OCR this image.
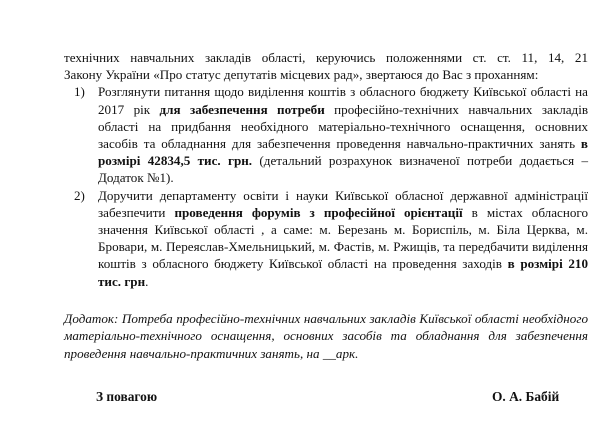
технічних навчальних закладів області, керуючись положеннями ст. ст. 11, 14, 21

Закону України «Про статус депутатів місцевих рад», звертаюся до Вас з проханням:

1) Розглянути питання щодо виділення коштів з обласного бюджету Київської області на 2017 рік для забезпечення потреби професійно-технічних навчальних закладів області на придбання необхідного матеріально-технічного оснащення, основних засобів та обладнання для забезпечення проведення навчально-практичних занять в розмірі 42834,5 тис. грн. (детальний розрахунок визначеної потреби додається – Додаток №1).
2) Доручити департаменту освіти і науки Київської обласної державної адміністрації забезпечити проведення форумів з професійної орієнтації в містах обласного значення Київської області , а саме: м. Березань м. Бориспіль, м. Біла Церква, м. Бровари, м. Переяслав-Хмельницький, м. Фастів, м. Ржищів, та передбачити виділення коштів з обласного бюджету Київської області на проведення заходів в розмірі 210 тис. грн.

Додаток: Потреба професійно-технічних навчальних закладів Київської області необхідного матеріально-технічного оснащення, основних засобів та обладнання для забезпечення проведення навчально-практичних занять, на __арк.

З повагою	О. А. Бабій
